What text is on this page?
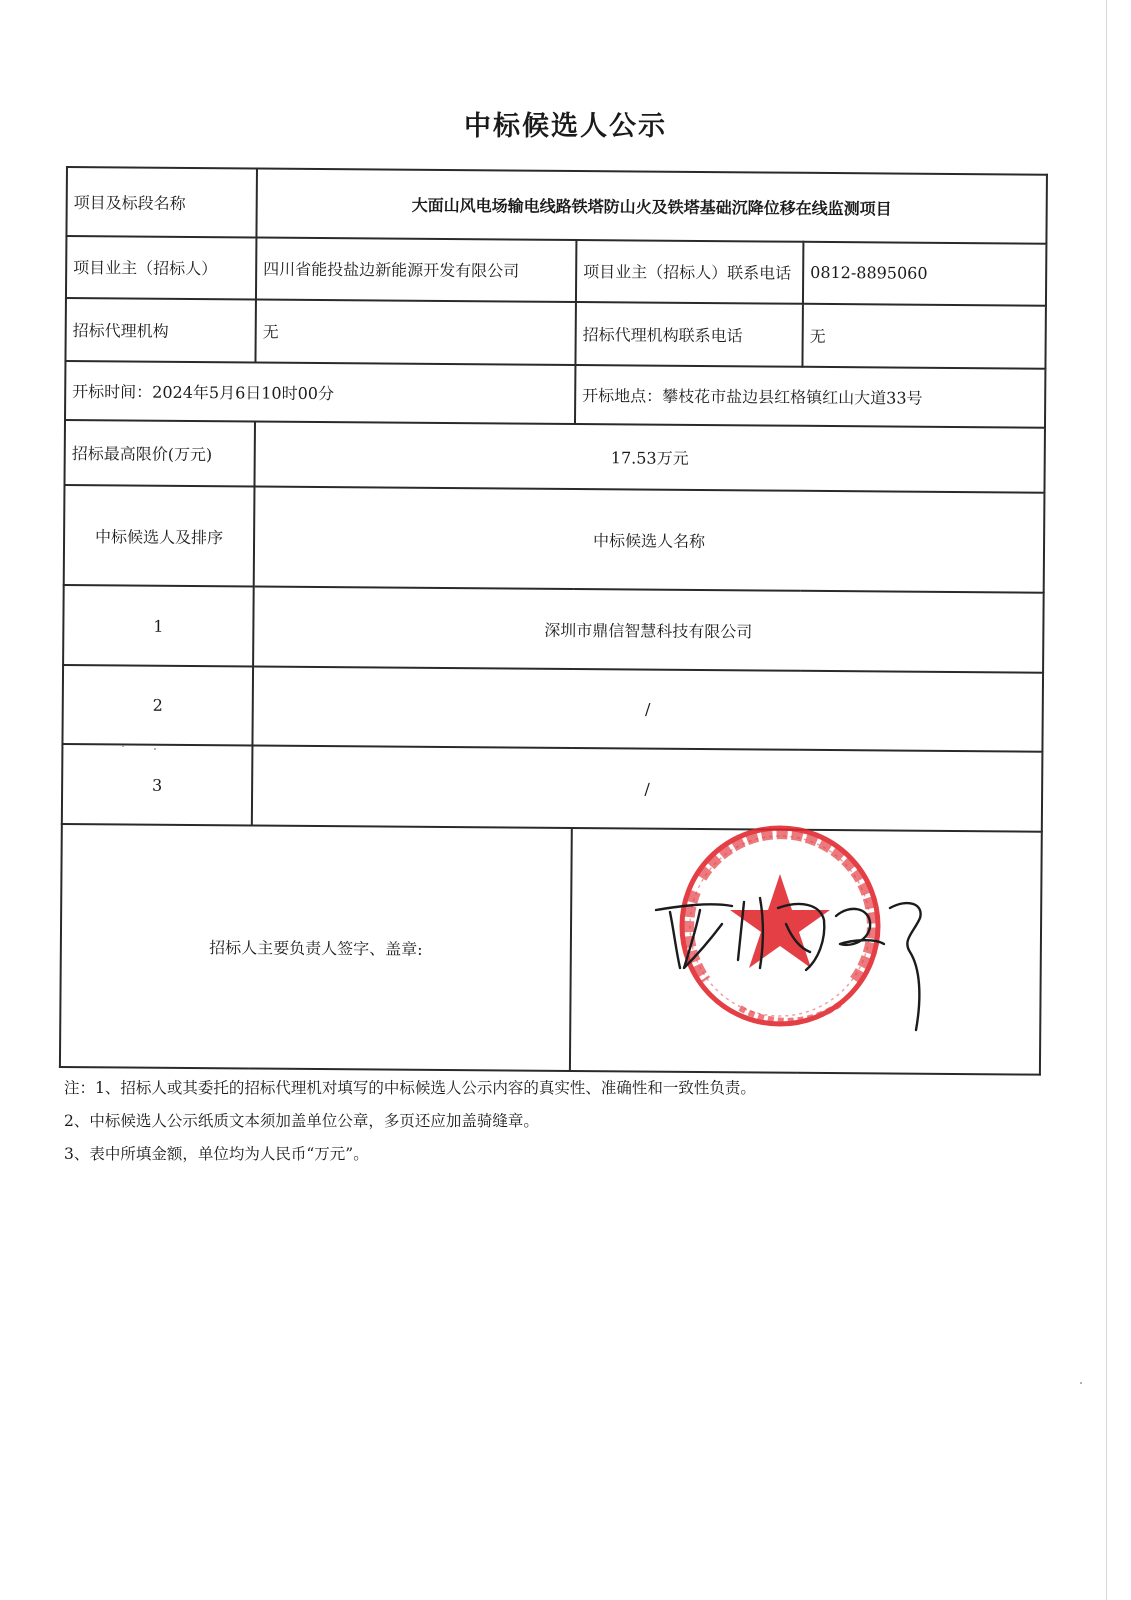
中标候选人公示
项目及标段名称	大面山风电场输电线路铁塔防山火及铁塔基础沉降位移在线监测项目		
项目业主（招标人）	四川省能投盐边新能源开发有限公司	项目业主（招标人）联系电话	0812-8895060
招标代理机构	无	招标代理机构联系电话	无
开标时间：2024年5月6日10时00分		开标地点：攀枝花市盐边县红格镇红山大道33号	
招标最高限价(万元)	17.53万元		
中标候选人及排序	中标候选人名称		
1	深圳市鼎信智慧科技有限公司		
2	/		
3	/		
招标人主要负责人签字、盖章:			
注：1、招标人或其委托的招标代理机对填写的中标候选人公示内容的真实性、准确性和一致性负责。
2、中标候选人公示纸质文本须加盖单位公章，多页还应加盖骑缝章。
3、表中所填金额，单位均为人民币“万元”。
